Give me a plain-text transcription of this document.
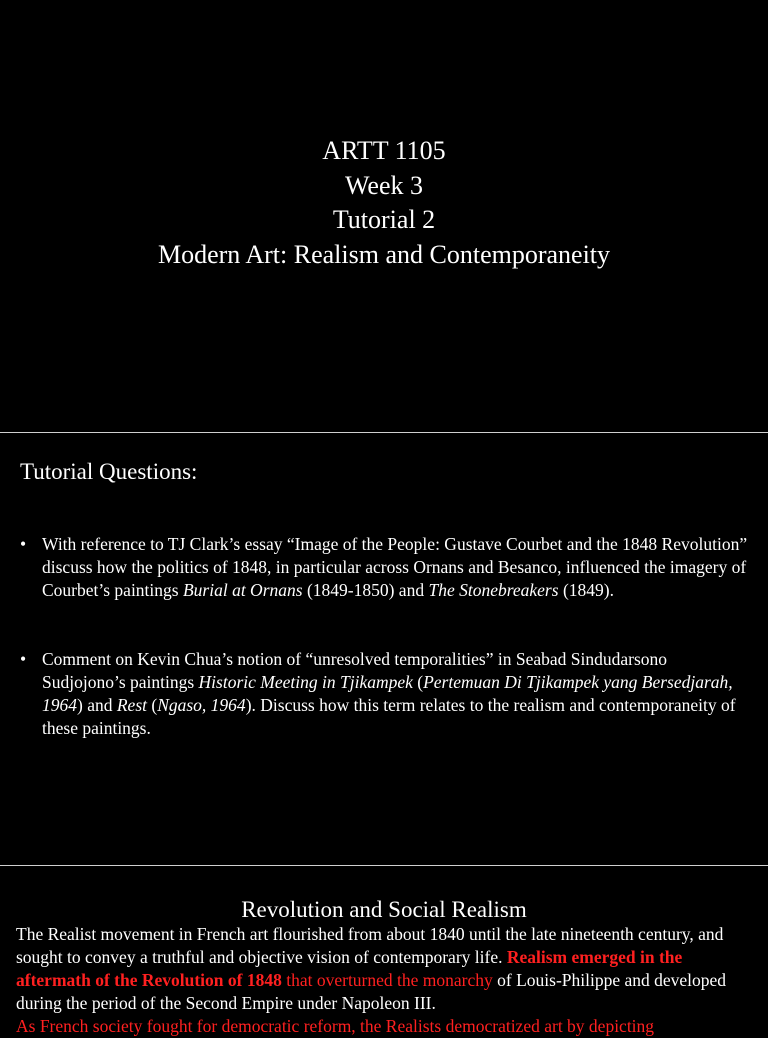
ARTT 1105
Week 3
Tutorial 2
Modern Art: Realism and Contemporaneity
Tutorial Questions:
• With reference to TJ Clark’s essay “Image of the People: Gustave Courbet and the 1848 Revolution” discuss how the politics of 1848, in particular across Ornans and Besanco, influenced the imagery of Courbet’s paintings Burial at Ornans (1849-1850) and The Stonebreakers (1849).
• Comment on Kevin Chua’s notion of “unresolved temporalities” in Seabad Sindudarsono Sudjojono’s paintings Historic Meeting in Tjikampek (Pertemuan Di Tjikampek yang Bersedjarah, 1964) and Rest (Ngaso, 1964). Discuss how this term relates to the realism and contemporaneity of these paintings.
Revolution and Social Realism
The Realist movement in French art flourished from about 1840 until the late nineteenth century, and sought to convey a truthful and objective vision of contemporary life. Realism emerged in the aftermath of the Revolution of 1848 that overturned the monarchy of Louis-Philippe and developed during the period of the Second Empire under Napoleon III.
As French society fought for democratic reform, the Realists democratized art by depicting
